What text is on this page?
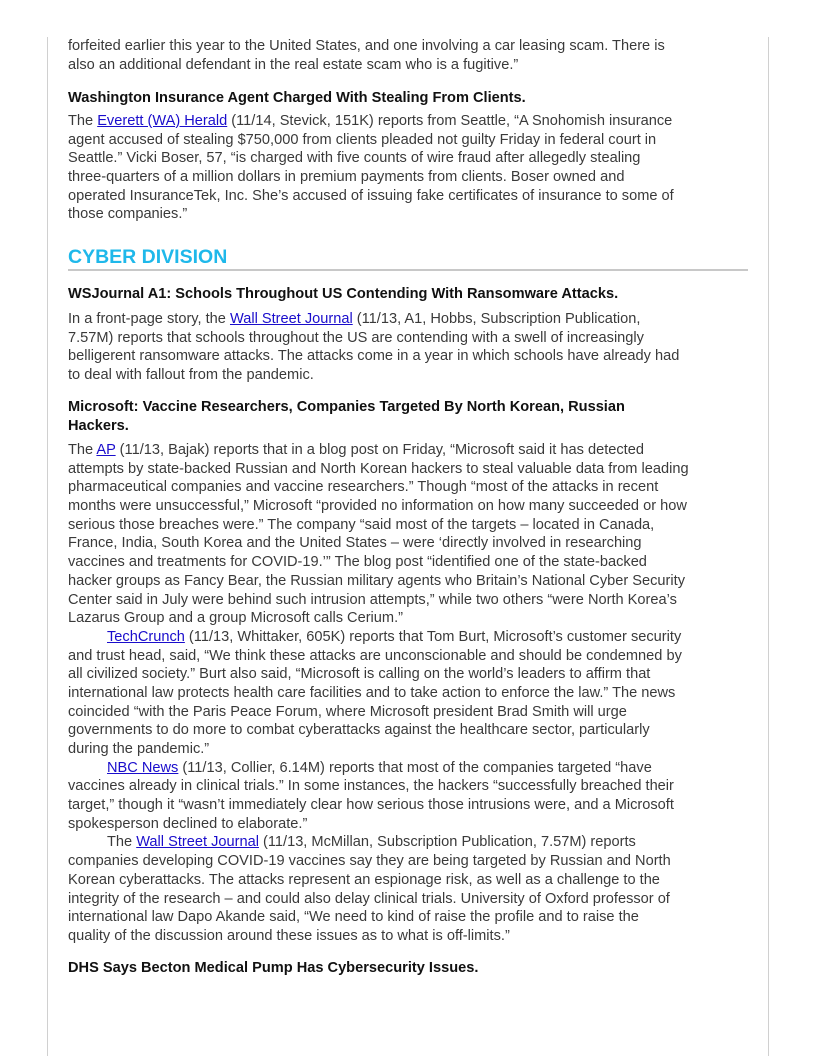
CYBER DIVISION
forfeited earlier this year to the United States, and one involving a car leasing scam. There is
also an additional defendant in the real estate scam who is a fugitive.”
Washington Insurance Agent Charged With Stealing From Clients.
The Everett (WA) Herald (11/14, Stevick, 151K) reports from Seattle, “A Snohomish insurance
agent accused of stealing $750,000 from clients pleaded not guilty Friday in federal court in
Seattle.” Vicki Boser, 57, “is charged with five counts of wire fraud after allegedly stealing
three-quarters of a million dollars in premium payments from clients. Boser owned and
operated InsuranceTek, Inc. She’s accused of issuing fake certificates of insurance to some of
those companies.”
WSJournal A1: Schools Throughout US Contending With Ransomware Attacks.
In a front-page story, the Wall Street Journal (11/13, A1, Hobbs, Subscription Publication,
7.57M) reports that schools throughout the US are contending with a swell of increasingly
belligerent ransomware attacks. The attacks come in a year in which schools have already had
to deal with fallout from the pandemic.
Microsoft: Vaccine Researchers, Companies Targeted By North Korean, Russian
Hackers.
The AP (11/13, Bajak) reports that in a blog post on Friday, “Microsoft said it has detected
attempts by state-backed Russian and North Korean hackers to steal valuable data from leading
pharmaceutical companies and vaccine researchers.” Though “most of the attacks in recent
months were unsuccessful,” Microsoft “provided no information on how many succeeded or how
serious those breaches were.” The company “said most of the targets – located in Canada,
France, India, South Korea and the United States – were ‘directly involved in researching
vaccines and treatments for COVID-19.’” The blog post “identified one of the state-backed
hacker groups as Fancy Bear, the Russian military agents who Britain’s National Cyber Security
Center said in July were behind such intrusion attempts,” while two others “were North Korea’s
Lazarus Group and a group Microsoft calls Cerium.”
TechCrunch (11/13, Whittaker, 605K) reports that Tom Burt, Microsoft’s customer security
and trust head, said, “We think these attacks are unconscionable and should be condemned by
all civilized society.” Burt also said, “Microsoft is calling on the world’s leaders to affirm that
international law protects health care facilities and to take action to enforce the law.” The news
coincided “with the Paris Peace Forum, where Microsoft president Brad Smith will urge
governments to do more to combat cyberattacks against the healthcare sector, particularly
during the pandemic.”
NBC News (11/13, Collier, 6.14M) reports that most of the companies targeted “have
vaccines already in clinical trials.” In some instances, the hackers “successfully breached their
target,” though it “wasn’t immediately clear how serious those intrusions were, and a Microsoft
spokesperson declined to elaborate.”
The Wall Street Journal (11/13, McMillan, Subscription Publication, 7.57M) reports
companies developing COVID-19 vaccines say they are being targeted by Russian and North
Korean cyberattacks. The attacks represent an espionage risk, as well as a challenge to the
integrity of the research – and could also delay clinical trials. University of Oxford professor of
international law Dapo Akande said, “We need to kind of raise the profile and to raise the
quality of the discussion around these issues as to what is off-limits.”
DHS Says Becton Medical Pump Has Cybersecurity Issues.
